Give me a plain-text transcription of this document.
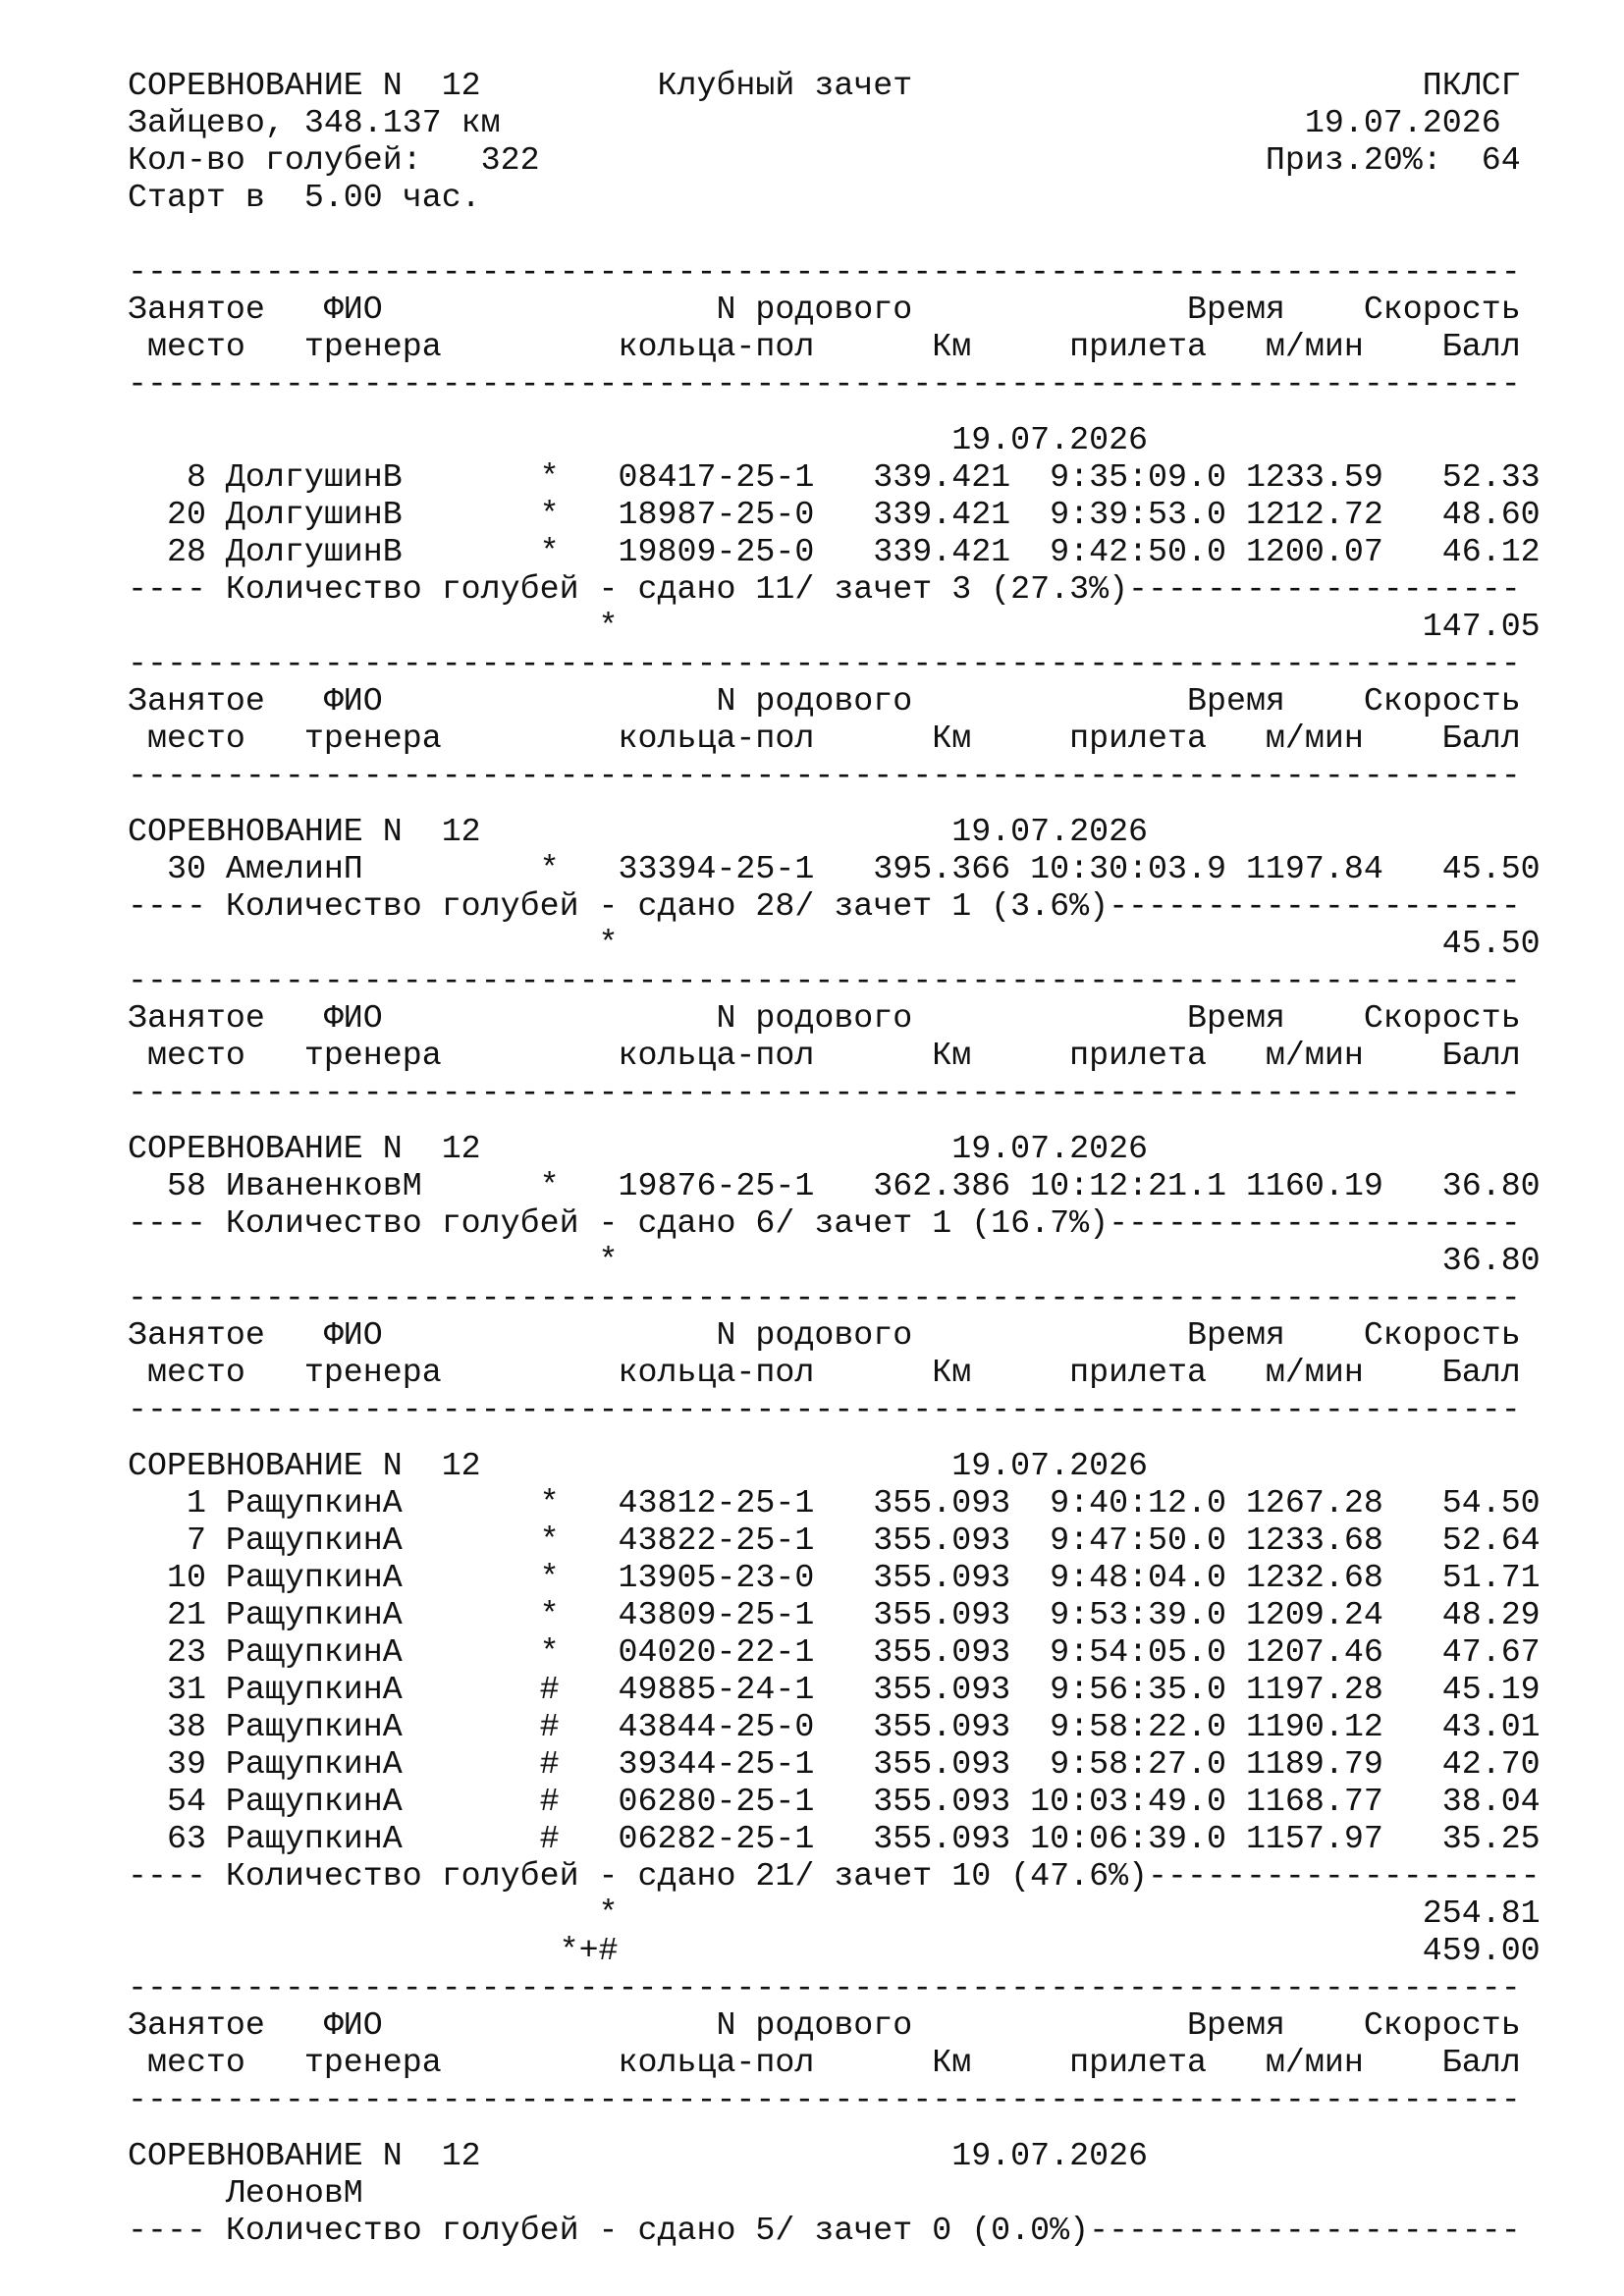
СОРЕВНОВАНИЕ N  12         Клубный зачет                          ПКЛСГ
Зайцево, 348.137 км                                         19.07.2026
Кол-во голубей:   322                                     Приз.20%:  64
Старт в  5.00 час.
-----------------------------------------------------------------------
Занятое   ФИО                 N родового              Время    Скорость
место   тренера         кольца-пол      Км     прилета   м/мин    Балл
-----------------------------------------------------------------------
19.07.2026
8 ДолгушинВ       *   08417-25-1   339.421  9:35:09.0 1233.59   52.33
20 ДолгушинВ       *   18987-25-0   339.421  9:39:53.0 1212.72   48.60
28 ДолгушинВ       *   19809-25-0   339.421  9:42:50.0 1200.07   46.12
---- Количество голубей - сдано 11/ зачет 3 (27.3%)--------------------
*                                         147.05
-----------------------------------------------------------------------
Занятое   ФИО                 N родового              Время    Скорость
место   тренера         кольца-пол      Км     прилета   м/мин    Балл
-----------------------------------------------------------------------
СОРЕВНОВАНИЕ N  12                        19.07.2026
30 АмелинП         *   33394-25-1   395.366 10:30:03.9 1197.84   45.50
---- Количество голубей - сдано 28/ зачет 1 (3.6%)---------------------
*                                          45.50
-----------------------------------------------------------------------
Занятое   ФИО                 N родового              Время    Скорость
место   тренера         кольца-пол      Км     прилета   м/мин    Балл
-----------------------------------------------------------------------
СОРЕВНОВАНИЕ N  12                        19.07.2026
58 ИваненковМ      *   19876-25-1   362.386 10:12:21.1 1160.19   36.80
---- Количество голубей - сдано 6/ зачет 1 (16.7%)---------------------
*                                          36.80
-----------------------------------------------------------------------
Занятое   ФИО                 N родового              Время    Скорость
место   тренера         кольца-пол      Км     прилета   м/мин    Балл
-----------------------------------------------------------------------
СОРЕВНОВАНИЕ N  12                        19.07.2026
1 РащупкинА       *   43812-25-1   355.093  9:40:12.0 1267.28   54.50
7 РащупкинА       *   43822-25-1   355.093  9:47:50.0 1233.68   52.64
10 РащупкинА       *   13905-23-0   355.093  9:48:04.0 1232.68   51.71
21 РащупкинА       *   43809-25-1   355.093  9:53:39.0 1209.24   48.29
23 РащупкинА       *   04020-22-1   355.093  9:54:05.0 1207.46   47.67
31 РащупкинА       #   49885-24-1   355.093  9:56:35.0 1197.28   45.19
38 РащупкинА       #   43844-25-0   355.093  9:58:22.0 1190.12   43.01
39 РащупкинА       #   39344-25-1   355.093  9:58:27.0 1189.79   42.70
54 РащупкинА       #   06280-25-1   355.093 10:03:49.0 1168.77   38.04
63 РащупкинА       #   06282-25-1   355.093 10:06:39.0 1157.97   35.25
---- Количество голубей - сдано 21/ зачет 10 (47.6%)--------------------
*                                         254.81
*+#                                         459.00
-----------------------------------------------------------------------
Занятое   ФИО                 N родового              Время    Скорость
место   тренера         кольца-пол      Км     прилета   м/мин    Балл
-----------------------------------------------------------------------
СОРЕВНОВАНИЕ N  12                        19.07.2026
ЛеоновМ
---- Количество голубей - сдано 5/ зачет 0 (0.0%)----------------------
